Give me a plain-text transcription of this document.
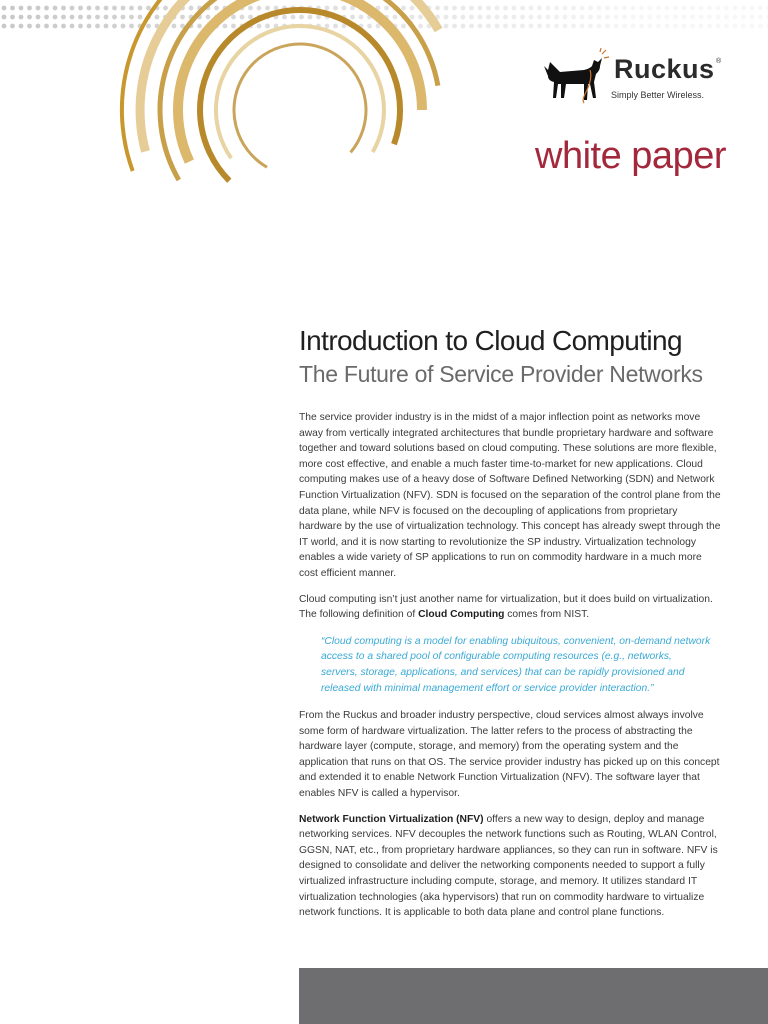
Ruckus ®
Simply Better Wireless.
white paper
Introduction to Cloud Computing
The Future of Service Provider Networks

The service provider industry is in the midst of a major inflection point as networks move away from vertically integrated architectures that bundle proprietary hardware and software together and toward solutions based on cloud computing. These solutions are more flexible, more cost effective, and enable a much faster time-to-market for new applications. Cloud computing makes use of a heavy dose of Software Defined Networking (SDN) and Network Function Virtualization (NFV). SDN is focused on the separation of the control plane from the data plane, while NFV is focused on the decoupling of applications from proprietary hardware by the use of virtualization technology. This concept has already swept through the IT world, and it is now starting to revolutionize the SP industry. Virtualization technology enables a wide variety of SP applications to run on commodity hardware in a much more cost efficient manner.

Cloud computing isn’t just another name for virtualization, but it does build on virtualization. The following definition of Cloud Computing comes from NIST.

“Cloud computing is a model for enabling ubiquitous, convenient, on-demand network access to a shared pool of configurable computing resources (e.g., networks, servers, storage, applications, and services) that can be rapidly provisioned and released with minimal management effort or service provider interaction.”

From the Ruckus and broader industry perspective, cloud services almost always involve some form of hardware virtualization. The latter refers to the process of abstracting the hardware layer (compute, storage, and memory) from the operating system and the application that runs on that OS. The service provider industry has picked up on this concept and extended it to enable Network Function Virtualization (NFV). The software layer that enables NFV is called a hypervisor.

Network Function Virtualization (NFV) offers a new way to design, deploy and manage networking services. NFV decouples the network functions such as Routing, WLAN Control, GGSN, NAT, etc., from proprietary hardware appliances, so they can run in software. NFV is designed to consolidate and deliver the networking components needed to support a fully virtualized infrastructure including compute, storage, and memory. It utilizes standard IT virtualization technologies (aka hypervisors) that run on commodity hardware to virtualize network functions. It is applicable to both data plane and control plane functions.
